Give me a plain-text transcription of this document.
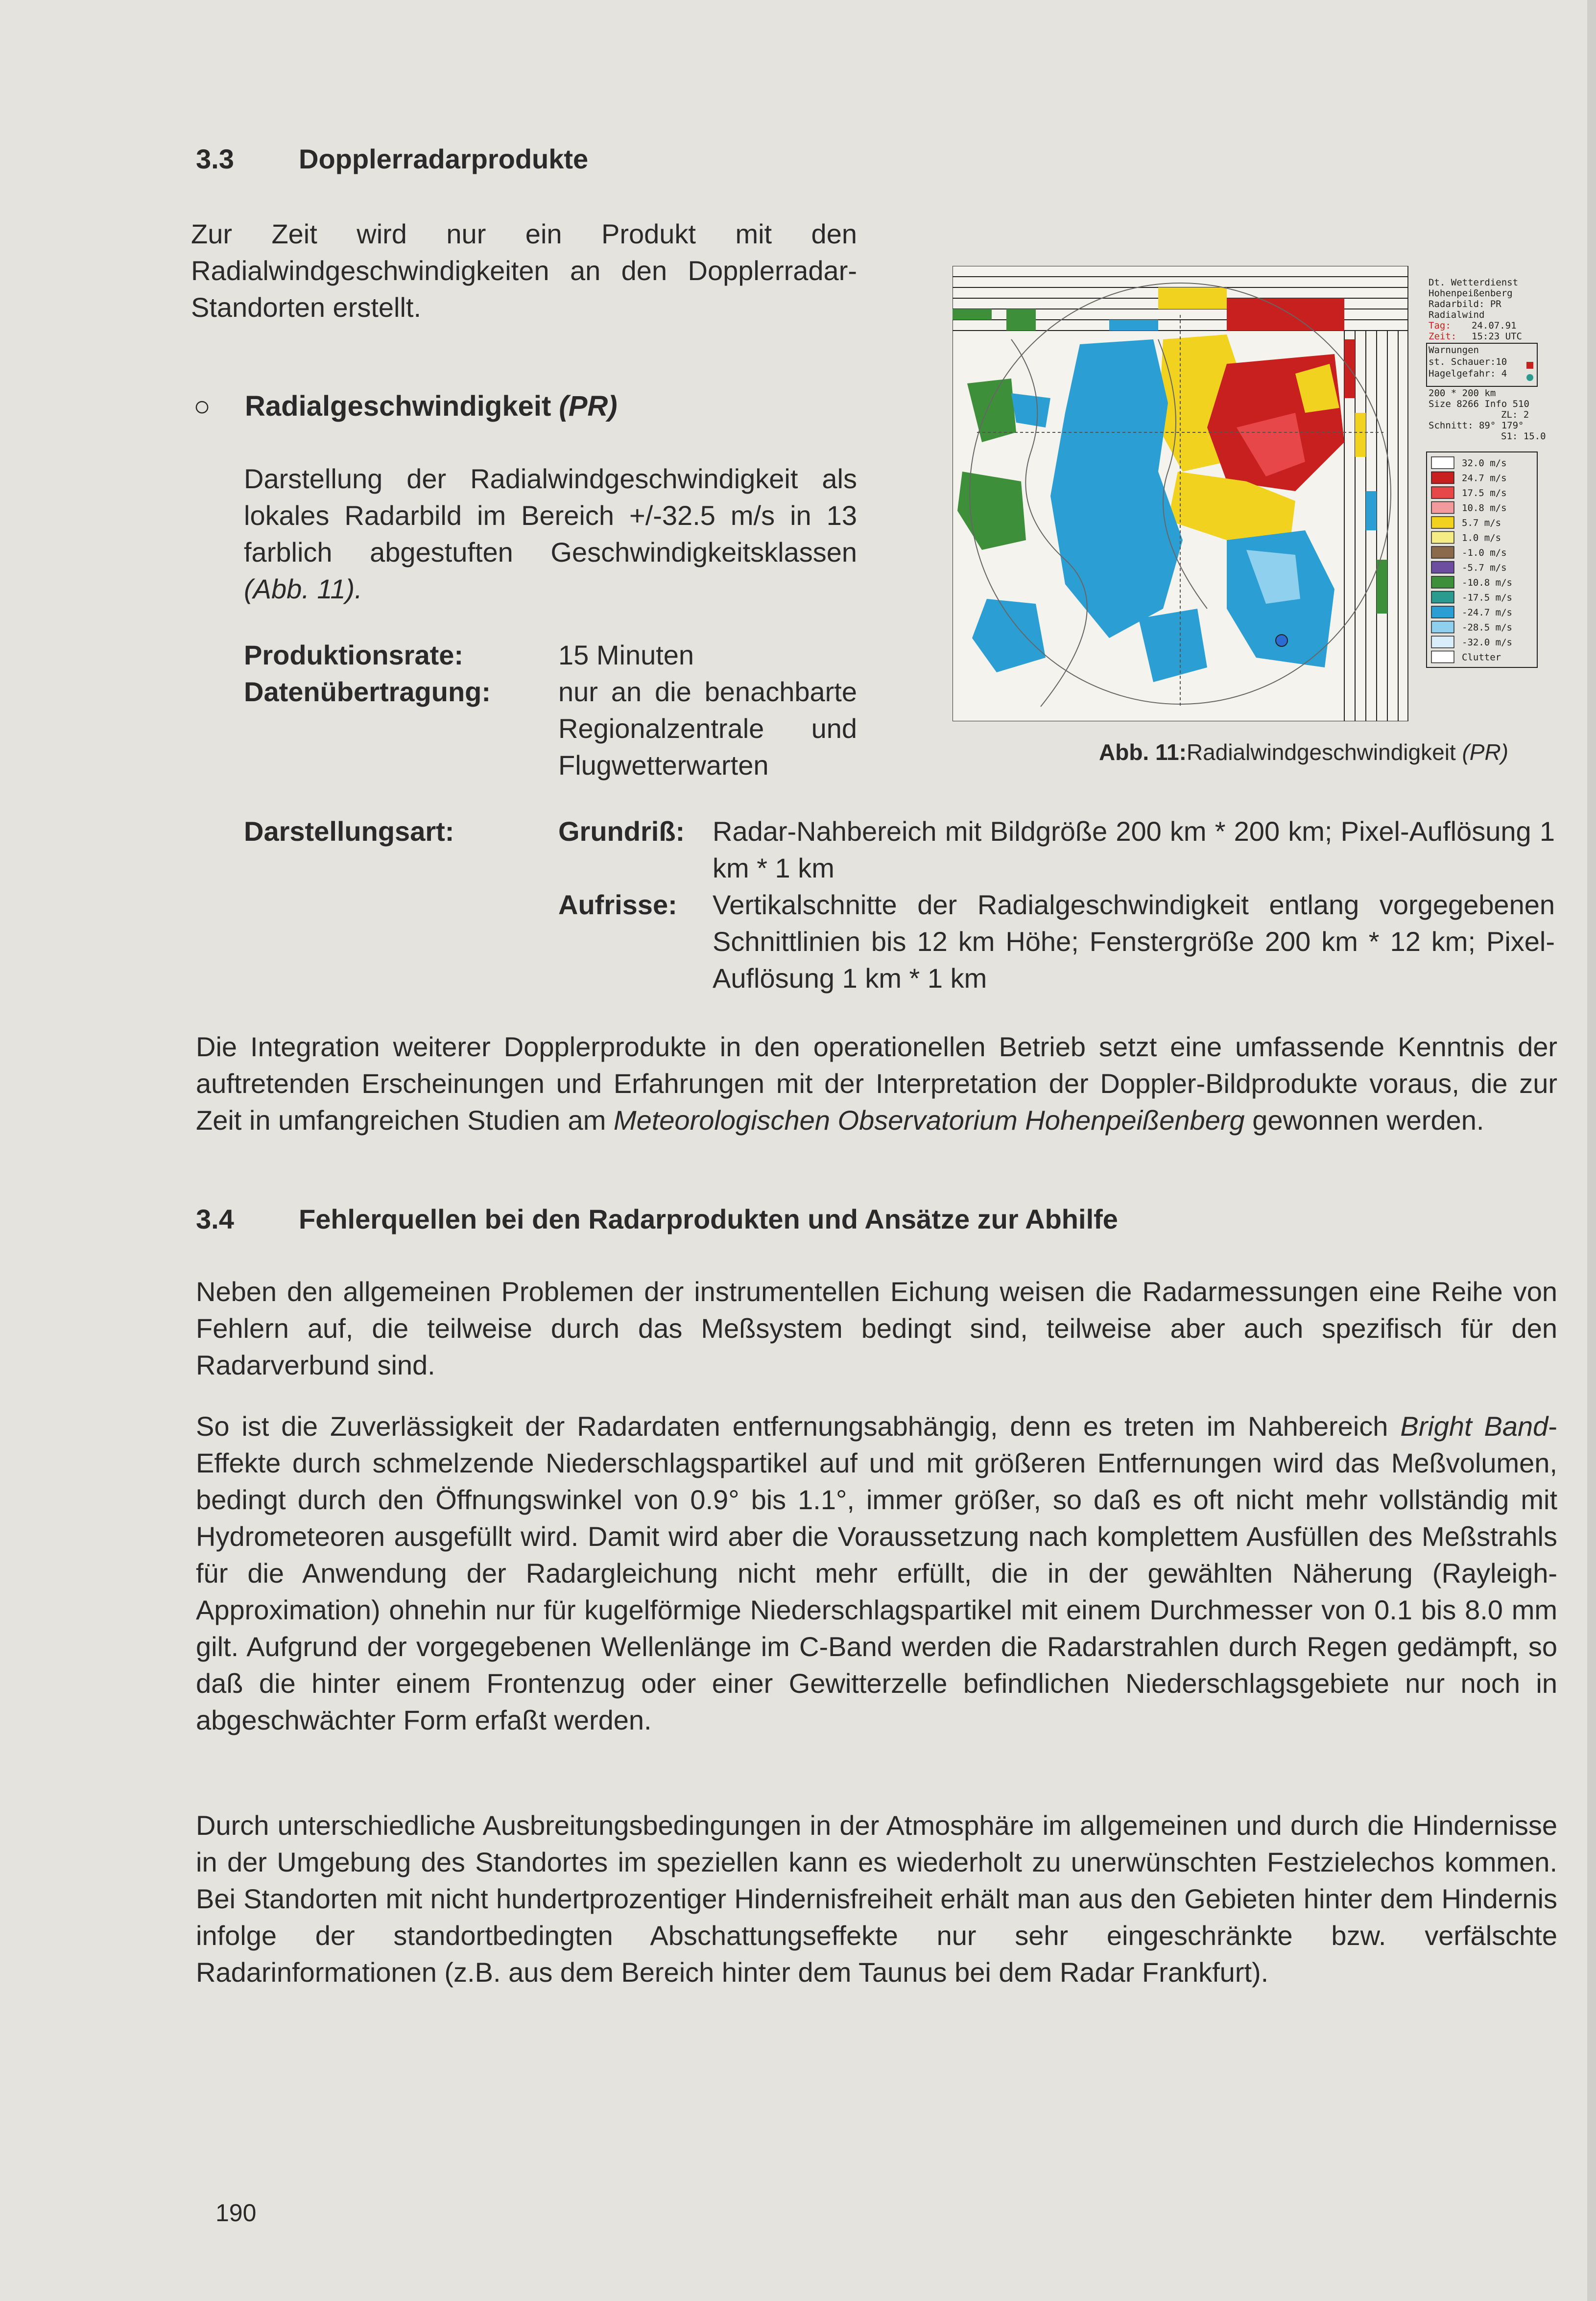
3.3 Dopplerradarprodukte

Zur Zeit wird nur ein Produkt mit den Radialwindgeschwindigkeiten an den Dopplerradar-Standorten erstellt.

○ Radialgeschwindigkeit (PR)

Darstellung der Radialwindgeschwindigkeit als lokales Radarbild im Bereich +/-32.5 m/s in 13 farblich abgestuften Geschwindigkeitsklassen (Abb. 11).

Produktionsrate:	15 Minuten
Datenübertragung: nur an die benachbarte Regionalzentrale und Flugwetterwarten
Darstellungsart:	Grundriß: Radar-Nahbereich mit Bildgröße 200 km * 200 km; Pixel-Auflösung 1 km * 1 km
Aufrisse: Vertikalschnitte der Radialgeschwindigkeit entlang vorgegebenen Schnittlinien bis 12 km Höhe; Fenstergröße 200 km * 12 km; Pixel-Auflösung 1 km * 1 km
Dt. Wetterdienst
Hohenpeißenberg
Radarbild: PR
Radialwind
Tag: 24.07.91
Zeit: 15:23 UTC
Warnungen
st. Schauer:10
Hagelgefahr: 4
200 * 200 km
Size 8266 Info 510
ZL: 2
Schnitt: 89° 179°
S1: 15.0
32.0 m/s
24.7 m/s
17.5 m/s
10.8 m/s
5.7 m/s
1.0 m/s
-1.0 m/s
-5.7 m/s
-10.8 m/s
-17.5 m/s
-24.7 m/s
-28.5 m/s
-32.0 m/s
Clutter
Abb. 11:Radialwindgeschwindigkeit (PR)

Die Integration weiterer Dopplerprodukte in den operationellen Betrieb setzt eine umfassende Kenntnis der auftretenden Erscheinungen und Erfahrungen mit der Interpretation der Doppler-Bildprodukte voraus, die zur Zeit in umfangreichen Studien am Meteorologischen Observatorium Hohenpeißenberg gewonnen werden.

3.4 Fehlerquellen bei den Radarprodukten und Ansätze zur Abhilfe

Neben den allgemeinen Problemen der instrumentellen Eichung weisen die Radarmessungen eine Reihe von Fehlern auf, die teilweise durch das Meßsystem bedingt sind, teilweise aber auch spezifisch für den Radarverbund sind.

So ist die Zuverlässigkeit der Radardaten entfernungsabhängig, denn es treten im Nahbereich Bright Band-Effekte durch schmelzende Niederschlagspartikel auf und mit größeren Entfernungen wird das Meßvolumen, bedingt durch den Öffnungswinkel von 0.9° bis 1.1°, immer größer, so daß es oft nicht mehr vollständig mit Hydrometeoren ausgefüllt wird. Damit wird aber die Voraussetzung nach komplettem Ausfüllen des Meßstrahls für die Anwendung der Radargleichung nicht mehr erfüllt, die in der gewählten Näherung (Rayleigh-Approximation) ohnehin nur für kugelförmige Niederschlagspartikel mit einem Durchmesser von 0.1 bis 8.0 mm gilt. Aufgrund der vorgegebenen Wellenlänge im C-Band werden die Radarstrahlen durch Regen gedämpft, so daß die hinter einem Frontenzug oder einer Gewitterzelle befindlichen Niederschlagsgebiete nur noch in abgeschwächter Form erfaßt werden.

Durch unterschiedliche Ausbreitungsbedingungen in der Atmosphäre im allgemeinen und durch die Hindernisse in der Umgebung des Standortes im speziellen kann es wiederholt zu unerwünschten Festzielechos kommen. Bei Standorten mit nicht hundertprozentiger Hindernisfreiheit erhält man aus den Gebieten hinter dem Hindernis infolge der standortbedingten Abschattungseffekte nur sehr eingeschränkte bzw. verfälschte Radarinformationen (z.B. aus dem Bereich hinter dem Taunus bei dem Radar Frankfurt).

190
